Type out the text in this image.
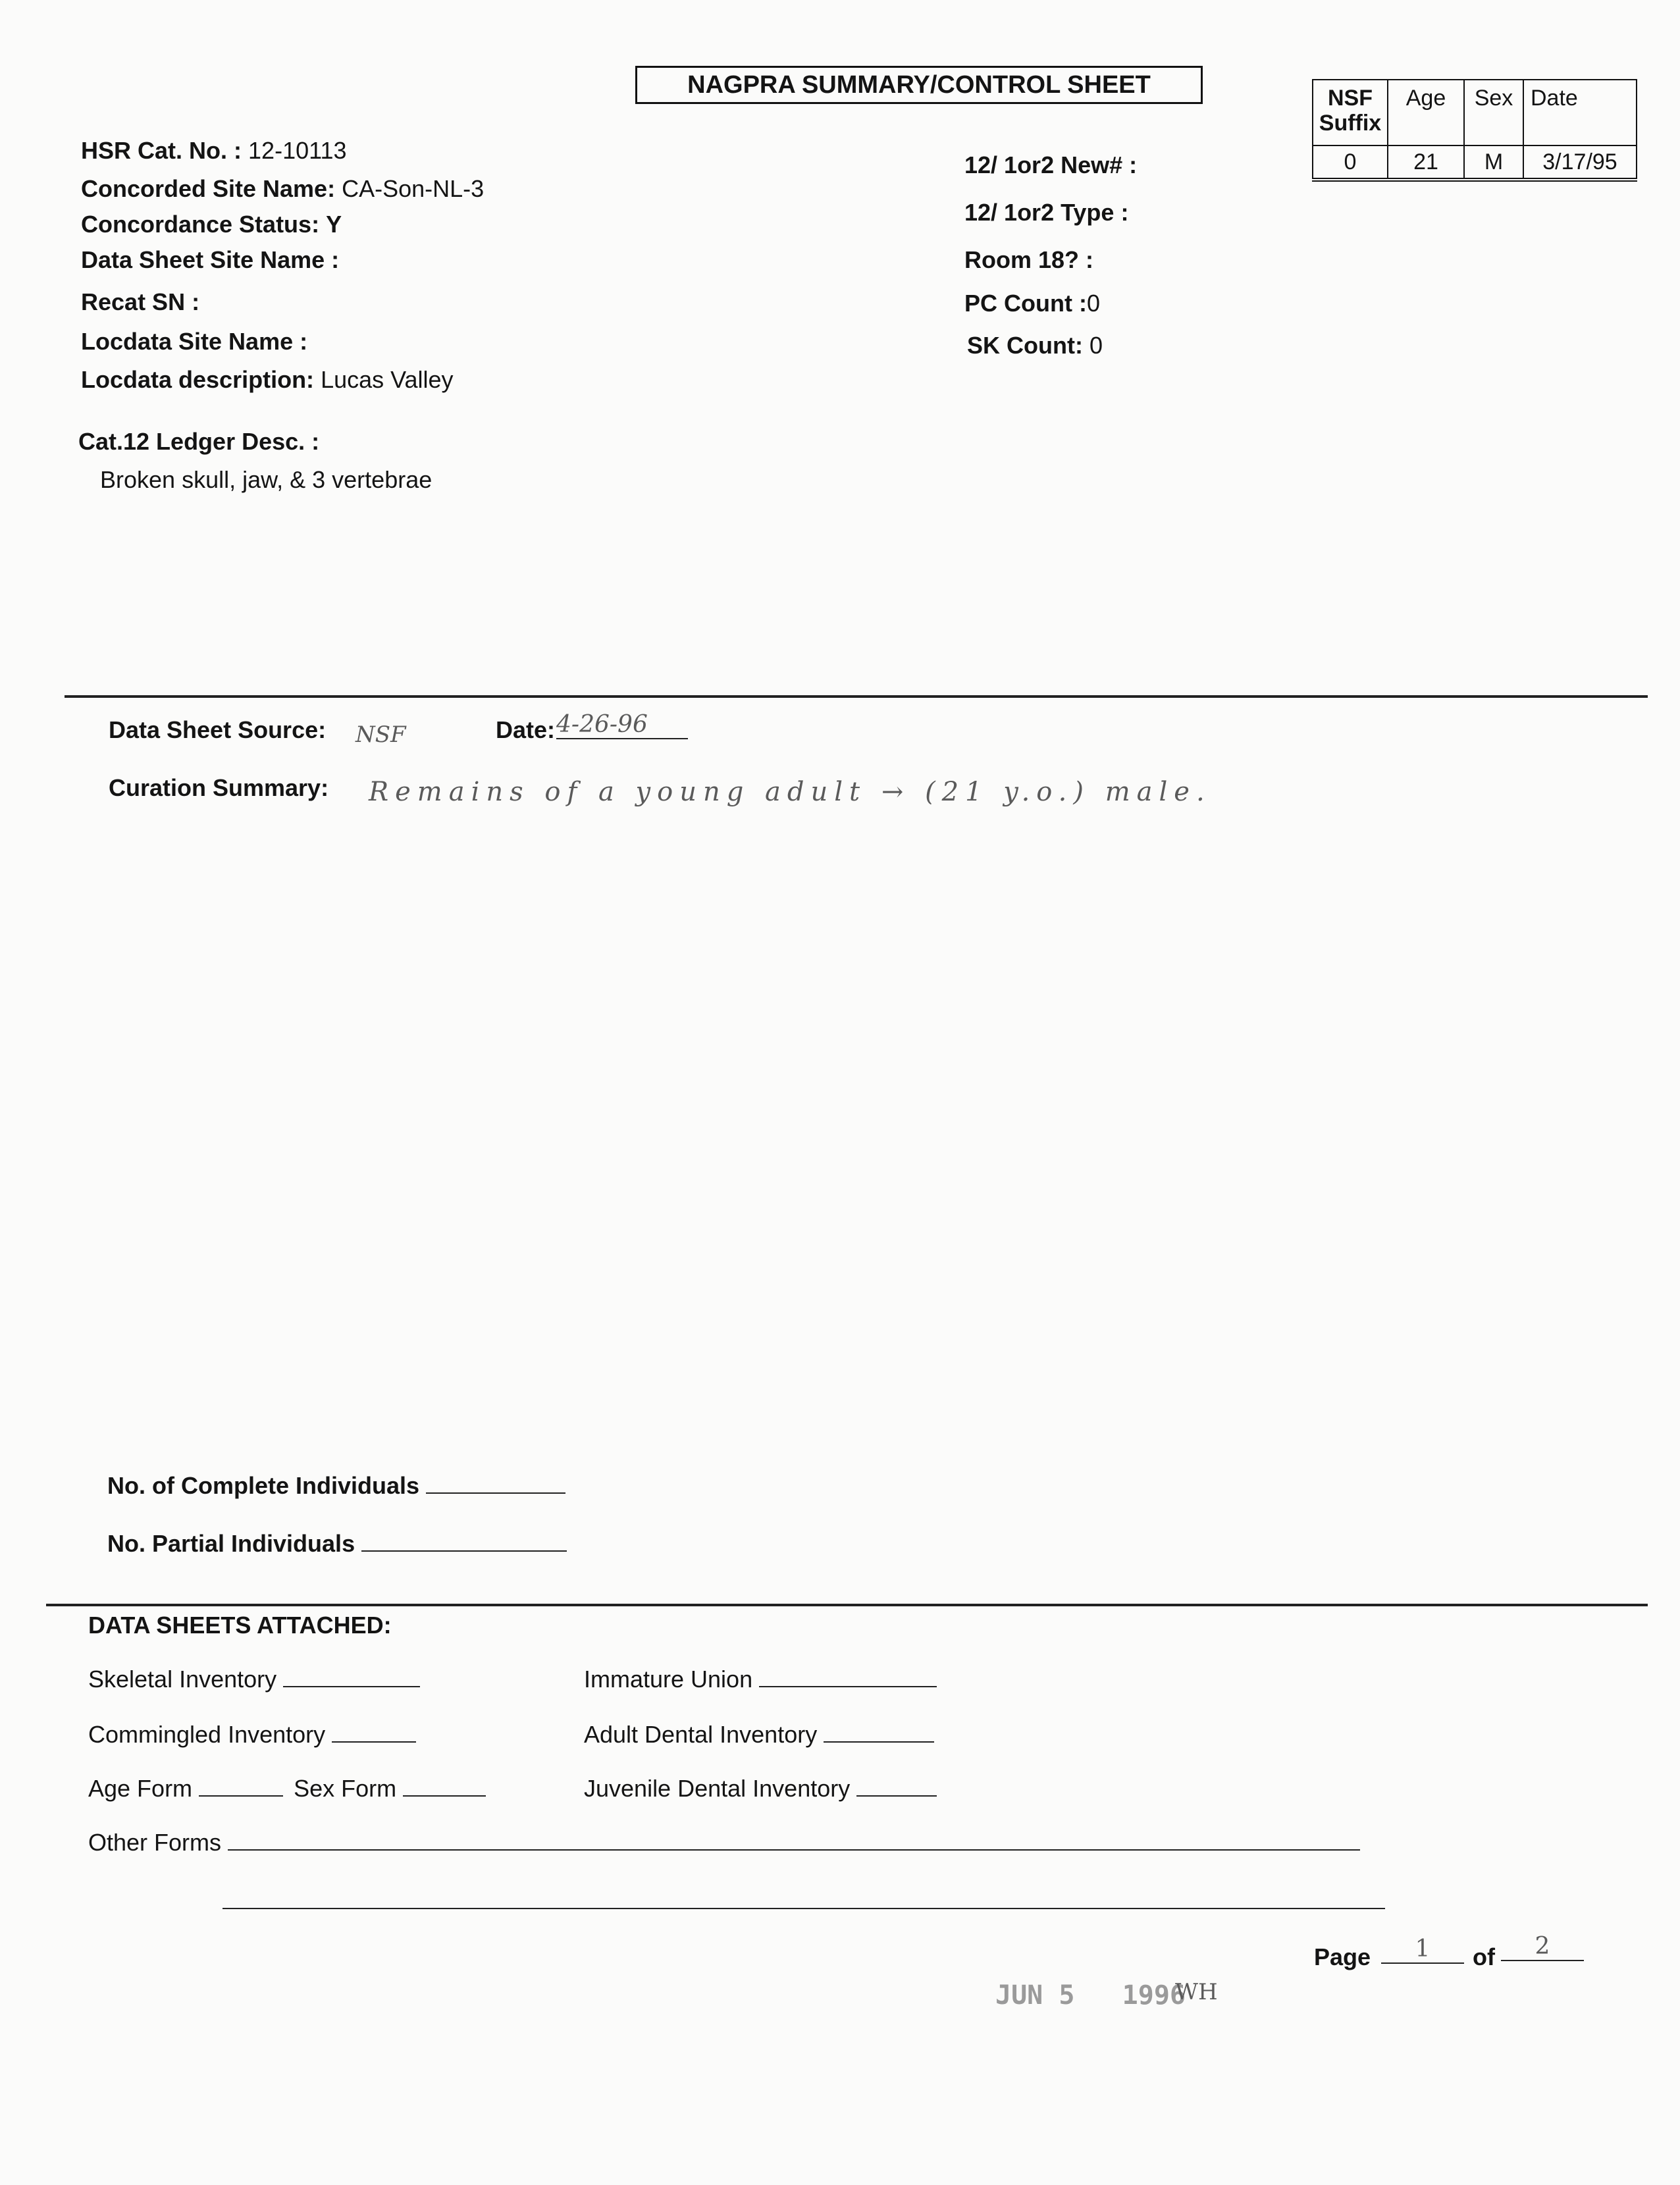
NAGPRA SUMMARY/CONTROL SHEET	NSF Suffix	Age	Sex	Date
0	21	M	3/17/95
HSR Cat. No. : 12-10113
Concorded Site Name: CA-Son-NL-3
Concordance Status: Y
Data Sheet Site Name :
Recat SN :
Locdata Site Name :
Locdata description: Lucas Valley
Cat.12 Ledger Desc. :
Broken skull, jaw, & 3 vertebrae
12/ 1or2 New# :
12/ 1or2 Type :
Room 18? :
PC Count :0
SK Count: 0
Data Sheet Source: NSF	Date: 4-26-96
Curation Summary: Remains of a young adult → (21 y.o.) male.
No. of Complete Individuals
No. Partial Individuals
DATA SHEETS ATTACHED:
Skeletal Inventory	Immature Union
Commingled Inventory	Adult Dental Inventory
Age Form	Sex Form	Juvenile Dental Inventory
Other Forms
Page	1	of	2
JUN 5   1996
WH
